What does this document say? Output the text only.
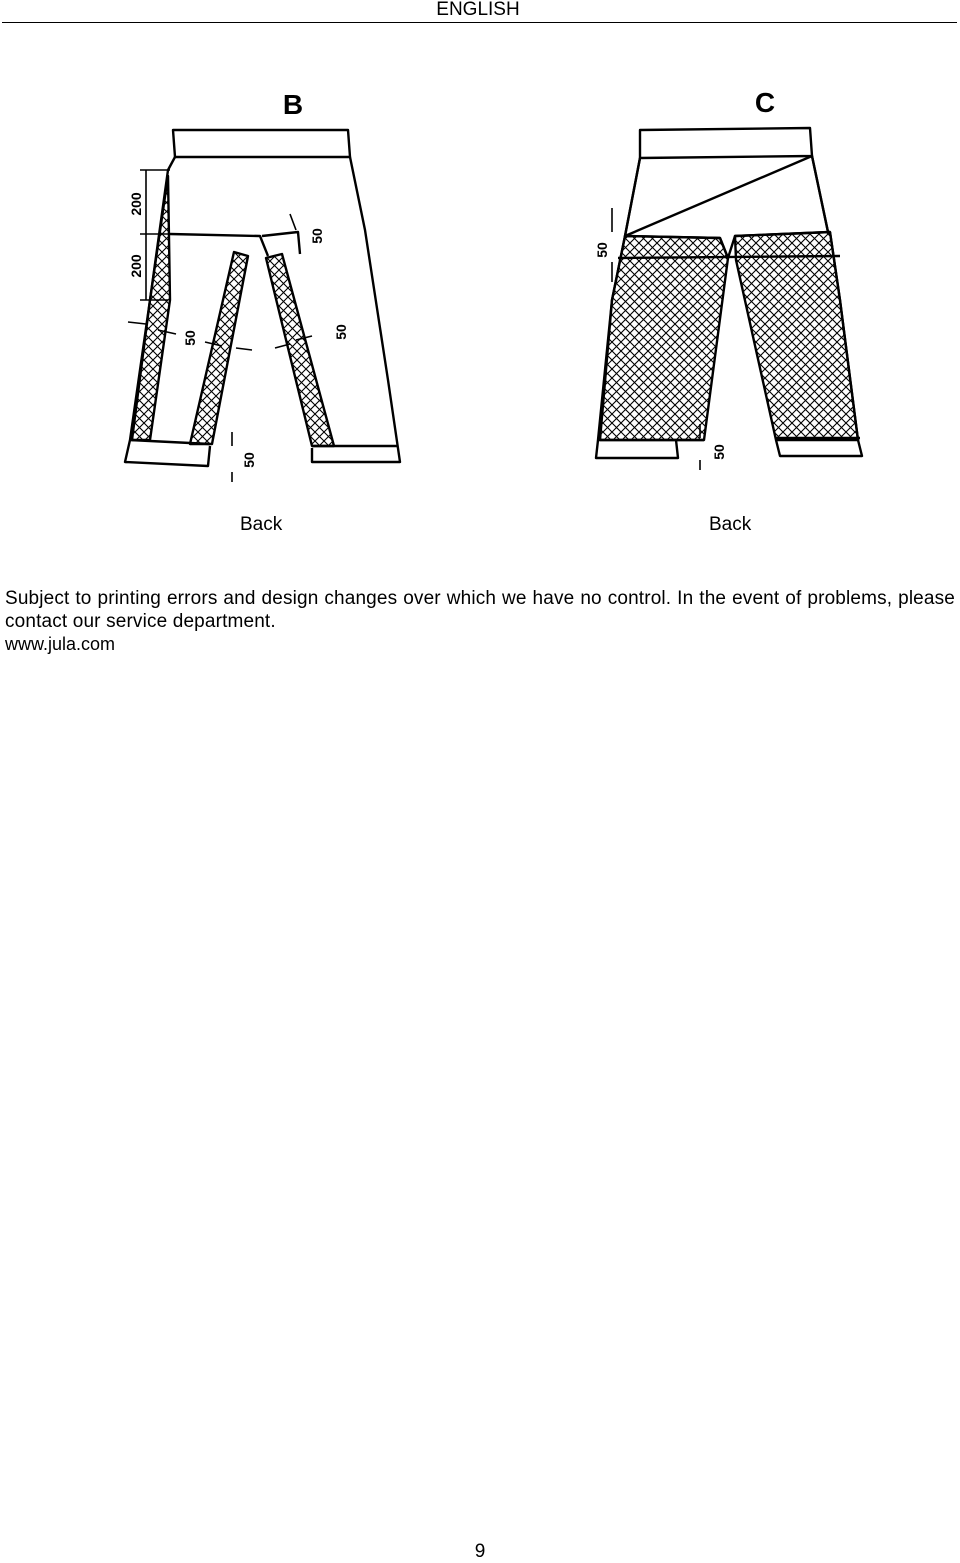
ENGLISH
B
200
200
50
50	50
50
C
50
50
Back	Back

Subject to printing errors and design changes over which we have no control. In the event of problems, please contact our service department.

www.jula.com
9
